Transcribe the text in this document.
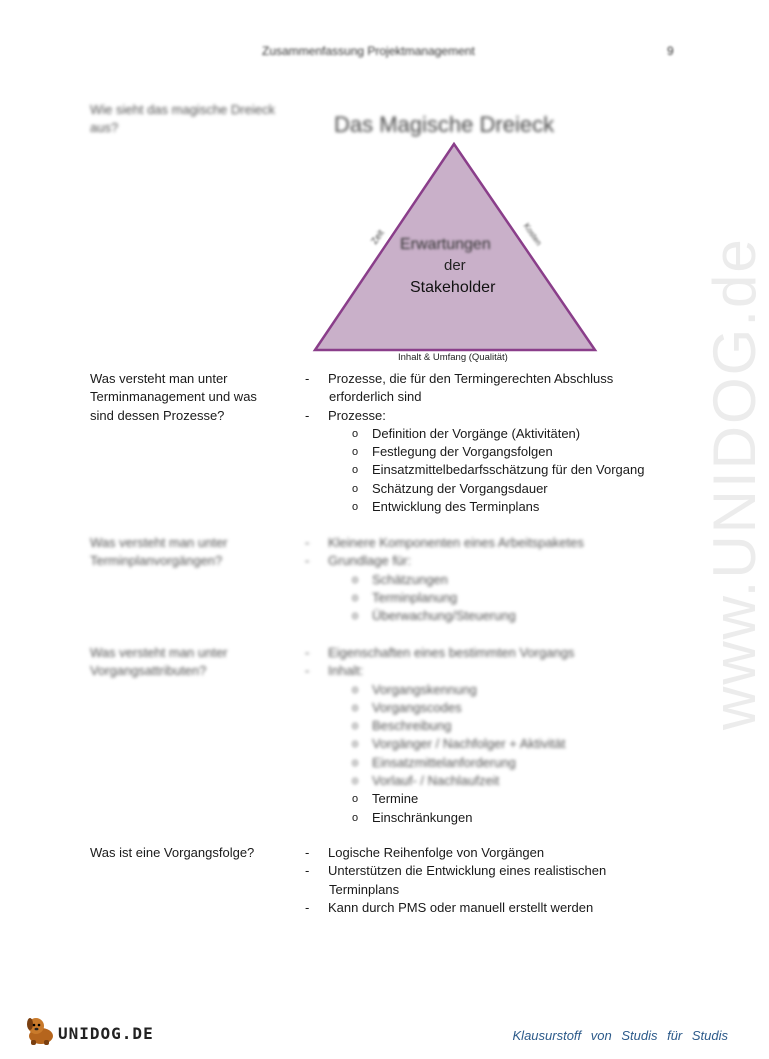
Zusammenfassung Projektmanagement	9
www.UNIDOG.de
Wie sieht das magische Dreieck
aus?	Das Magische Dreieck
Zeit	Kosten
Erwartungen
der
Stakeholder
Inhalt & Umfang (Qualität)
Was versteht man unter
Terminmanagement und was
sind dessen Prozesse?
- Prozesse, die für den Termingerechten Abschluss
erforderlich sind
- Prozesse:
o Definition der Vorgänge (Aktivitäten)
o Festlegung der Vorgangsfolgen
o Einsatzmittelbedarfsschätzung für den Vorgang
o Schätzung der Vorgangsdauer
o Entwicklung des Terminplans
Was versteht man unter
Terminplanvorgängen?
- Kleinere Komponenten eines Arbeitspaketes
- Grundlage für:
o Schätzungen
o Terminplanung
o Überwachung/Steuerung
Was versteht man unter
Vorgangsattributen?
- Eigenschaften eines bestimmten Vorgangs
- Inhalt:
o Vorgangskennung
o Vorgangscodes
o Beschreibung
o Vorgänger / Nachfolger + Aktivität
o Einsatzmittelanforderung
o Vorlauf- / Nachlaufzeit
o Termine
o Einschränkungen
Was ist eine Vorgangsfolge?	- Logische Reihenfolge von Vorgängen
- Unterstützen die Entwicklung eines realistischen
Terminplans
- Kann durch PMS oder manuell erstellt werden
UNIDOG.DE	Klausurstoff von Studis für Studis
